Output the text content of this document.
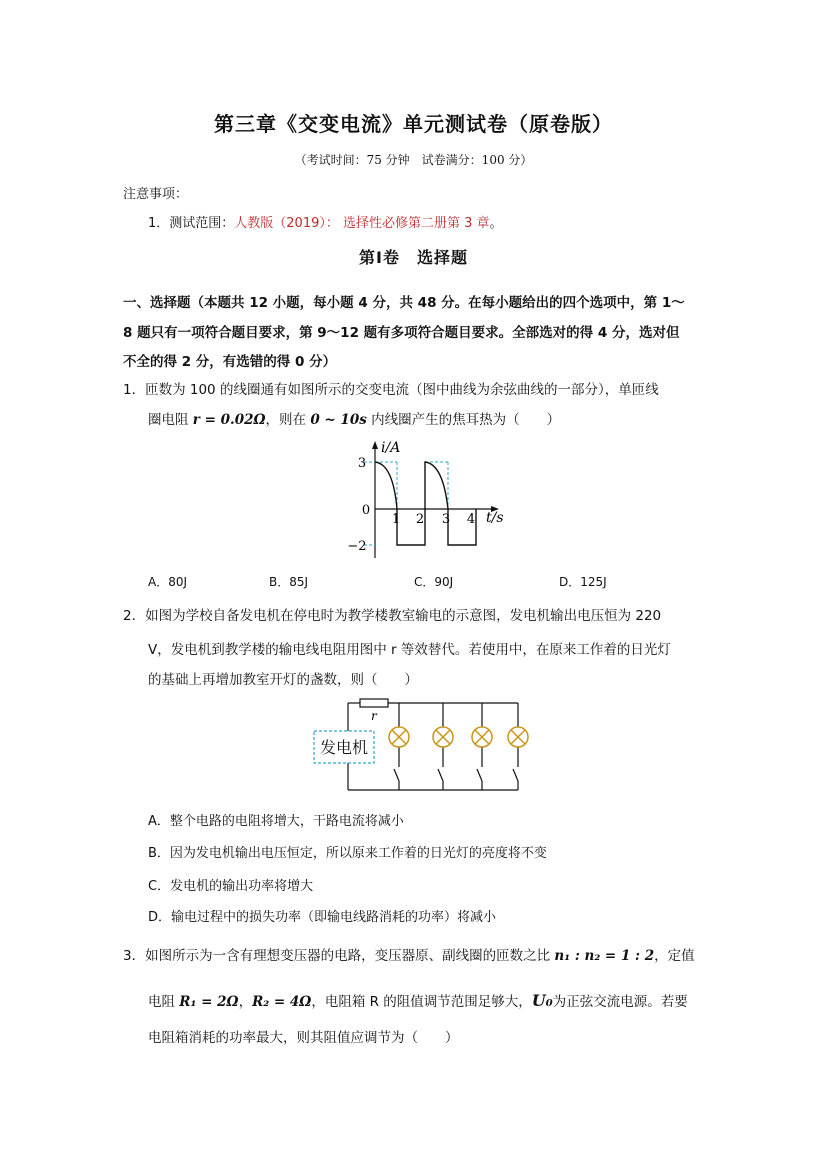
第三章《交变电流》单元测试卷（原卷版）
（考试时间：75 分钟　试卷满分：100 分）
注意事项：
1．测试范围：人教版（2019）： 选择性必修第二册第 3 章。
第Ⅰ卷　选择题
一、选择题（本题共 12 小题，每小题 4 分，共 48 分。在每小题给出的四个选项中，第 1～
8 题只有一项符合题目要求，第 9～12 题有多项符合题目要求。全部选对的得 4 分，选对但
不全的得 2 分，有选错的得 0 分）
1．匝数为 100 的线圈通有如图所示的交变电流（图中曲线为余弦曲线的一部分），单匝线
圈电阻 r = 0.02Ω，则在 0 ~ 10s 内线圈产生的焦耳热为（　　）
i/A
t/s
3
0
−2
1 2 3 4
A．80J	B．85J	C．90J	D．125J
2．如图为学校自备发电机在停电时为教学楼教室输电的示意图，发电机输出电压恒为 220
V，发电机到教学楼的输电线电阻用图中 r 等效替代。若使用中，在原来工作着的日光灯
的基础上再增加教室开灯的盏数，则（　　）
r
发电机
A．整个电路的电阻将增大，干路电流将减小
B．因为发电机输出电压恒定，所以原来工作着的日光灯的亮度将不变
C．发电机的输出功率将增大
D．输电过程中的损失功率（即输电线路消耗的功率）将减小
3．如图所示为一含有理想变压器的电路，变压器原、副线圈的匝数之比 n₁ : n₂ = 1 : 2，定值
电阻 R₁ = 2Ω，R₂ = 4Ω，电阻箱 R 的阻值调节范围足够大，U₀为正弦交流电源。若要
电阻箱消耗的功率最大，则其阻值应调节为（　　）
